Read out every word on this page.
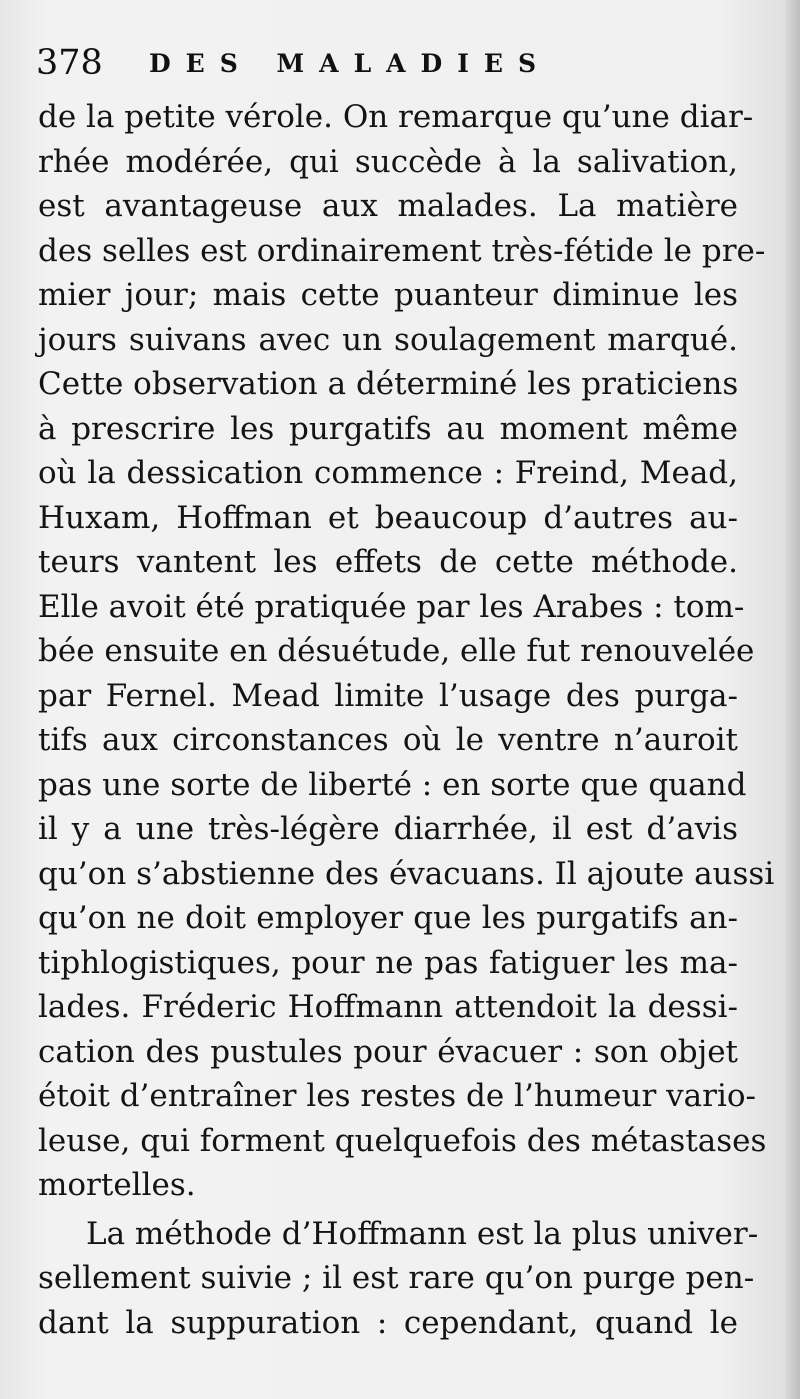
378 DES MALADIES
de la petite vérole. On remarque qu’une diar-
rhée modérée, qui succède à la salivation,
est avantageuse aux malades. La matière
des selles est ordinairement très-fétide le pre-
mier jour; mais cette puanteur diminue les
jours suivans avec un soulagement marqué.
Cette observation a déterminé les praticiens
à prescrire les purgatifs au moment même
où la dessication commence : Freind, Mead,
Huxam, Hoffman et beaucoup d’autres au-
teurs vantent les effets de cette méthode.
Elle avoit été pratiquée par les Arabes : tom-
bée ensuite en désuétude, elle fut renouvelée
par Fernel. Mead limite l’usage des purga-
tifs aux circonstances où le ventre n’auroit
pas une sorte de liberté : en sorte que quand
il y a une très-légère diarrhée, il est d’avis
qu’on s’abstienne des évacuans. Il ajoute aussi
qu’on ne doit employer que les purgatifs an-
tiphlogistiques, pour ne pas fatiguer les ma-
lades. Fréderic Hoffmann attendoit la dessi-
cation des pustules pour évacuer : son objet
étoit d’entraîner les restes de l’humeur vario-
leuse, qui forment quelquefois des métastases
mortelles.
La méthode d’Hoffmann est la plus univer-
sellement suivie ; il est rare qu’on purge pen-
dant la suppuration : cependant, quand le
